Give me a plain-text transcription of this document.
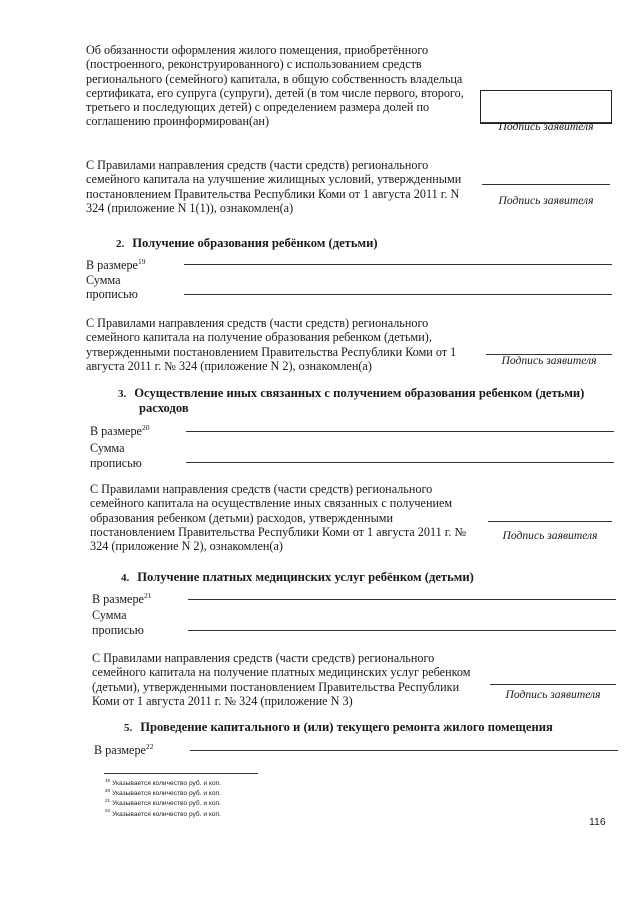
Об обязанности оформления жилого помещения, приобретённого (построенного, реконструированного) с использованием средств регионального (семейного) капитала, в общую собственность владельца сертификата, его супруга (супруги), детей (в том числе первого, второго, третьего и последующих детей) с определением размера долей по соглашению проинформирован(ан)	Подпись заявителя
С Правилами направления средств (части средств) регионального семейного капитала на улучшение жилищных условий, утвержденными постановлением Правительства Республики Коми от 1 августа 2011 г. N 324 (приложение N 1(1)), ознакомлен(а)
Подпись заявителя
2. Получение образования ребёнком (детьми)
В размере$^{19}$
Сумма
прописью
С Правилами направления средств (части средств) регионального семейного капитала на получение образования ребенком (детьми), утвержденными постановлением Правительства Республики Коми от 1 августа 2011 г. № 324 (приложение N 2), ознакомлен(а)	Подпись заявителя
3. Осуществление иных связанных с получением образования ребенком (детьми)
расходов
В размере$^{20}$
Сумма
прописью
С Правилами направления средств (части средств) регионального семейного капитала на осуществление иных связанных с получением образования ребенком (детьми) расходов, утвержденными постановлением Правительства Республики Коми от 1 августа 2011 г. № 324 (приложение N 2), ознакомлен(а)
Подпись заявителя
4. Получение платных медицинских услуг ребёнком (детьми)
В размере$^{21}$
Сумма
прописью
С Правилами направления средств (части средств) регионального семейного капитала на получение платных медицинских услуг ребенком (детьми), утвержденными постановлением Правительства Республики Коми от 1 августа 2011 г. № 324 (приложение N 3)	Подпись заявителя
5. Проведение капитального и (или) текущего ремонта жилого помещения
В размере$^{22}$
$^{19}$ Указывается количество руб. и коп.
$^{20}$ Указывается количество руб. и коп.
$^{21}$ Указывается количество руб. и коп.
$^{22}$ Указывается количество руб. и коп.
116
